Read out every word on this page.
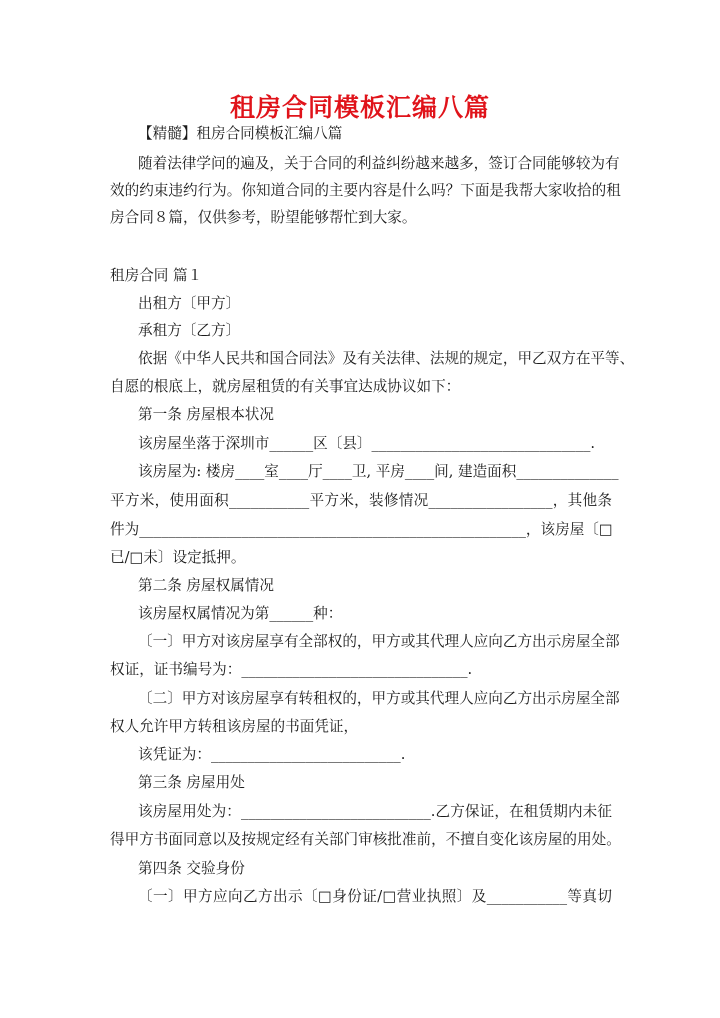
租房合同模板汇编八篇
【精髓】租房合同模板汇编八篇
随着法律学问的遍及，关于合同的利益纠纷越来越多，签订合同能够较为有
效的约束违约行为。你知道合同的主要内容是什么吗？下面是我帮大家收拾的租
房合同８篇，仅供参考，盼望能够帮忙到大家。
租房合同 篇１
出租方〔甲方〕
承租方〔乙方〕
依据《中华人民共和国合同法》及有关法律、法规的规定，甲乙双方在平等、
自愿的根底上，就房屋租赁的有关事宜达成协议如下：
第一条 房屋根本状况
该房屋坐落于深圳市______区〔县〕______________________________.
该房屋为: 楼房____室____厅____卫, 平房____间, 建造面积______________
平方米，使用面积___________平方米，装修情况_________________，其他条
件为_____________________________________________________，该房屋〔□
已/□未〕设定抵押。
第二条 房屋权属情况
该房屋权属情况为第______种：
〔一〕甲方对该房屋享有全部权的，甲方或其代理人应向乙方出示房屋全部
权证，证书编号为：_______________________________.
〔二〕甲方对该房屋享有转租权的，甲方或其代理人应向乙方出示房屋全部
权人允许甲方转租该房屋的书面凭证，
该凭证为：__________________________.
第三条 房屋用处
该房屋用处为：__________________________.乙方保证，在租赁期内未征
得甲方书面同意以及按规定经有关部门审核批准前，不擅自变化该房屋的用处。
第四条 交验身份
〔一〕甲方应向乙方出示〔□身份证/□营业执照〕及___________等真切
